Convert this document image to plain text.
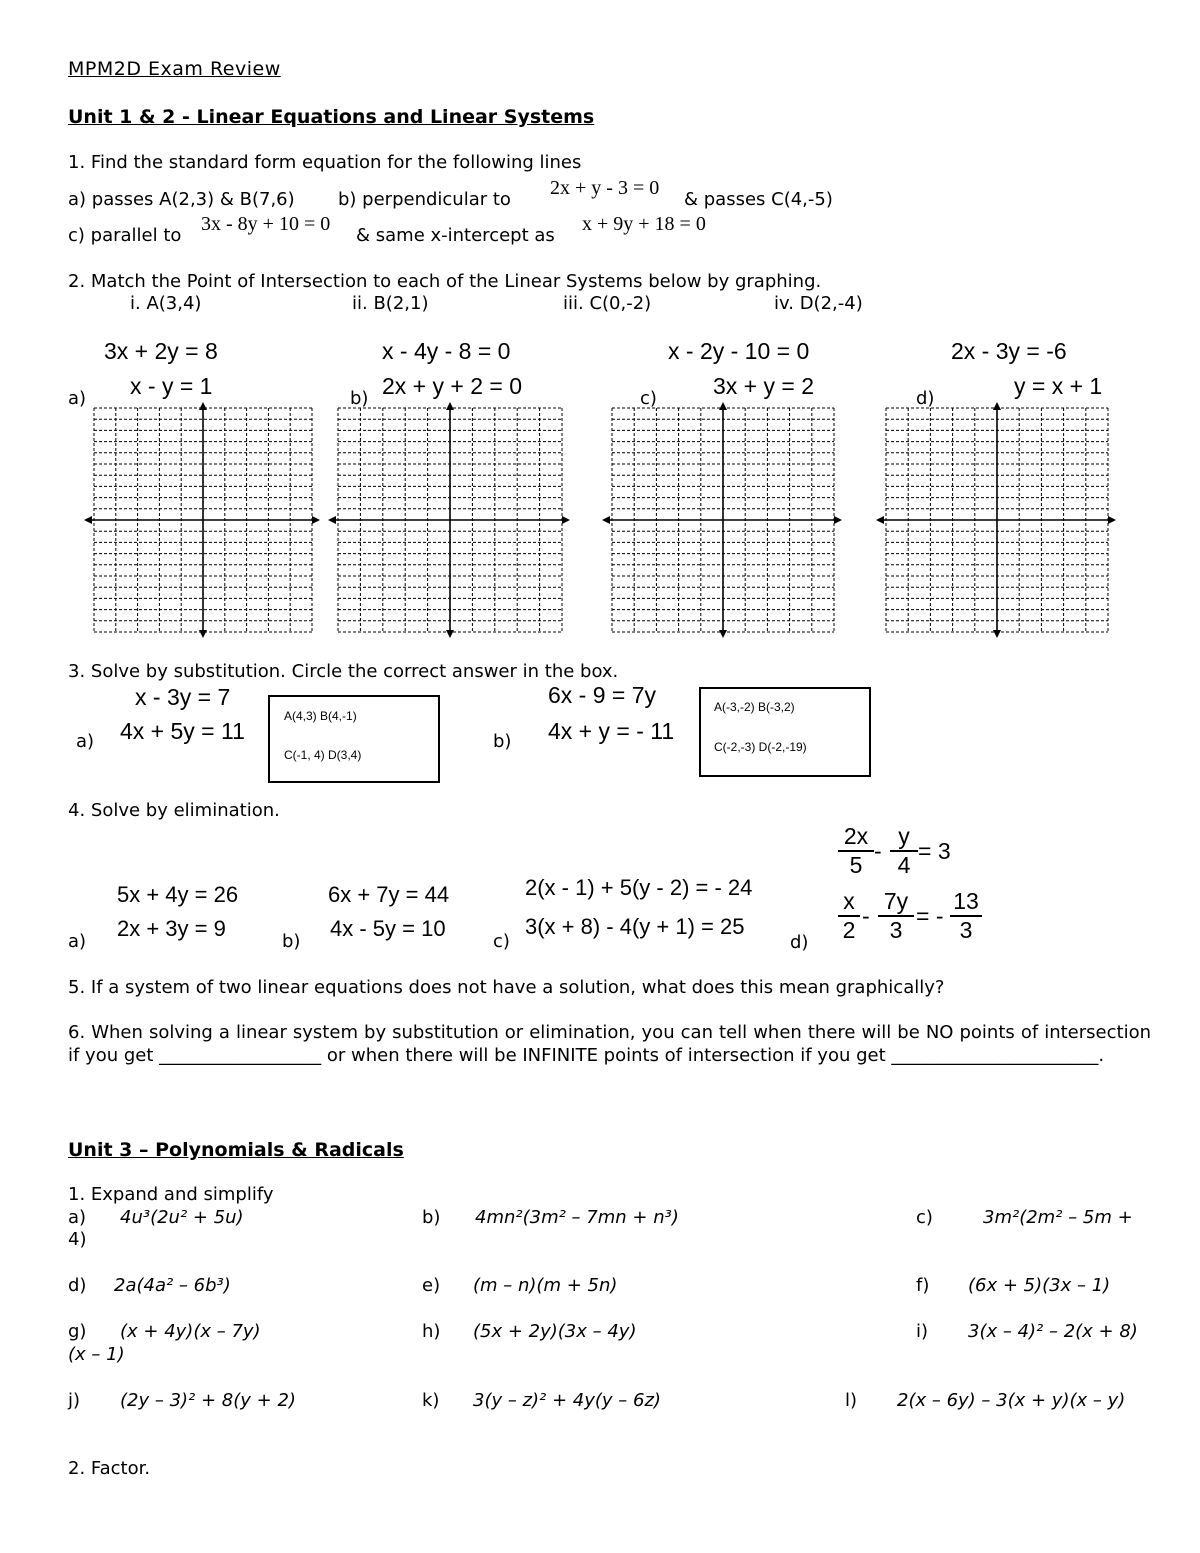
MPM2D Exam Review
Unit 1 & 2 - Linear Equations and Linear Systems
1. Find the standard form equation for the following lines
a) passes A(2,3) & B(7,6) b) perpendicular to
2x + y - 3 = 0
& passes C(4,-5)
c) parallel to
3x - 8y + 10 = 0
& same x-intercept as
x + 9y + 18 = 0
2. Match the Point of Intersection to each of the Linear Systems below by graphing.
i. A(3,4)	ii. B(2,1)	iii. C(0,-2)	iv. D(2,-4)
3x + 2y = 8
x - y = 1
a)
x - 4y - 8 = 0
2x + y + 2 = 0
b)
x - 2y - 10 = 0
3x + y = 2
c)
2x - 3y = -6
y = x + 1
d)
3. Solve by substitution. Circle the correct answer in the box.
x - 3y = 7
4x + 5y = 11
a)
A(4,3) B(4,-1)
C(-1, 4) D(3,4)
6x - 9 = 7y
4x + y = - 11
b)
A(-3,-2) B(-3,2)
C(-2,-3) D(-2,-19)
4. Solve by elimination.
5x + 4y = 26
2x + 3y = 9
a)
6x + 7y = 44
4x - 5y = 10
b)
2(x - 1) + 5(y - 2) = - 24
3(x + 8) - 4(y + 1) = 25
c)
$\frac{2x}{5} - \frac{y}{4} = 3$
$\frac{x}{2} - \frac{7y}{3}$ = - $\frac{13}{3}$
d)
5. If a system of two linear equations does not have a solution, what does this mean graphically?
6. When solving a linear system by substitution or elimination, you can tell when there will be NO points of intersection if you get __________________ or when there will be INFINITE points of intersection if you get _______________________.
Unit 3 – Polynomials & Radicals
1. Expand and simplify
a) 4u³(2u² + 5u)	b) 4mn²(3m² – 7mn + n³)	c)	3m²(2m² – 5m +
4)
d) 2a(4a² – 6b³)	e) (m – n)(m + 5n)	f) (6x + 5)(3x – 1)
g) (x + 4y)(x – 7y)	h) (5x + 2y)(3x – 4y)	i) 3(x – 4)² – 2(x + 8)
(x – 1)
j) (2y – 3)² + 8(y + 2)	k) 3(y – z)² + 4y(y – 6z)	l) 2(x – 6y) – 3(x + y)(x – y)
2. Factor.
